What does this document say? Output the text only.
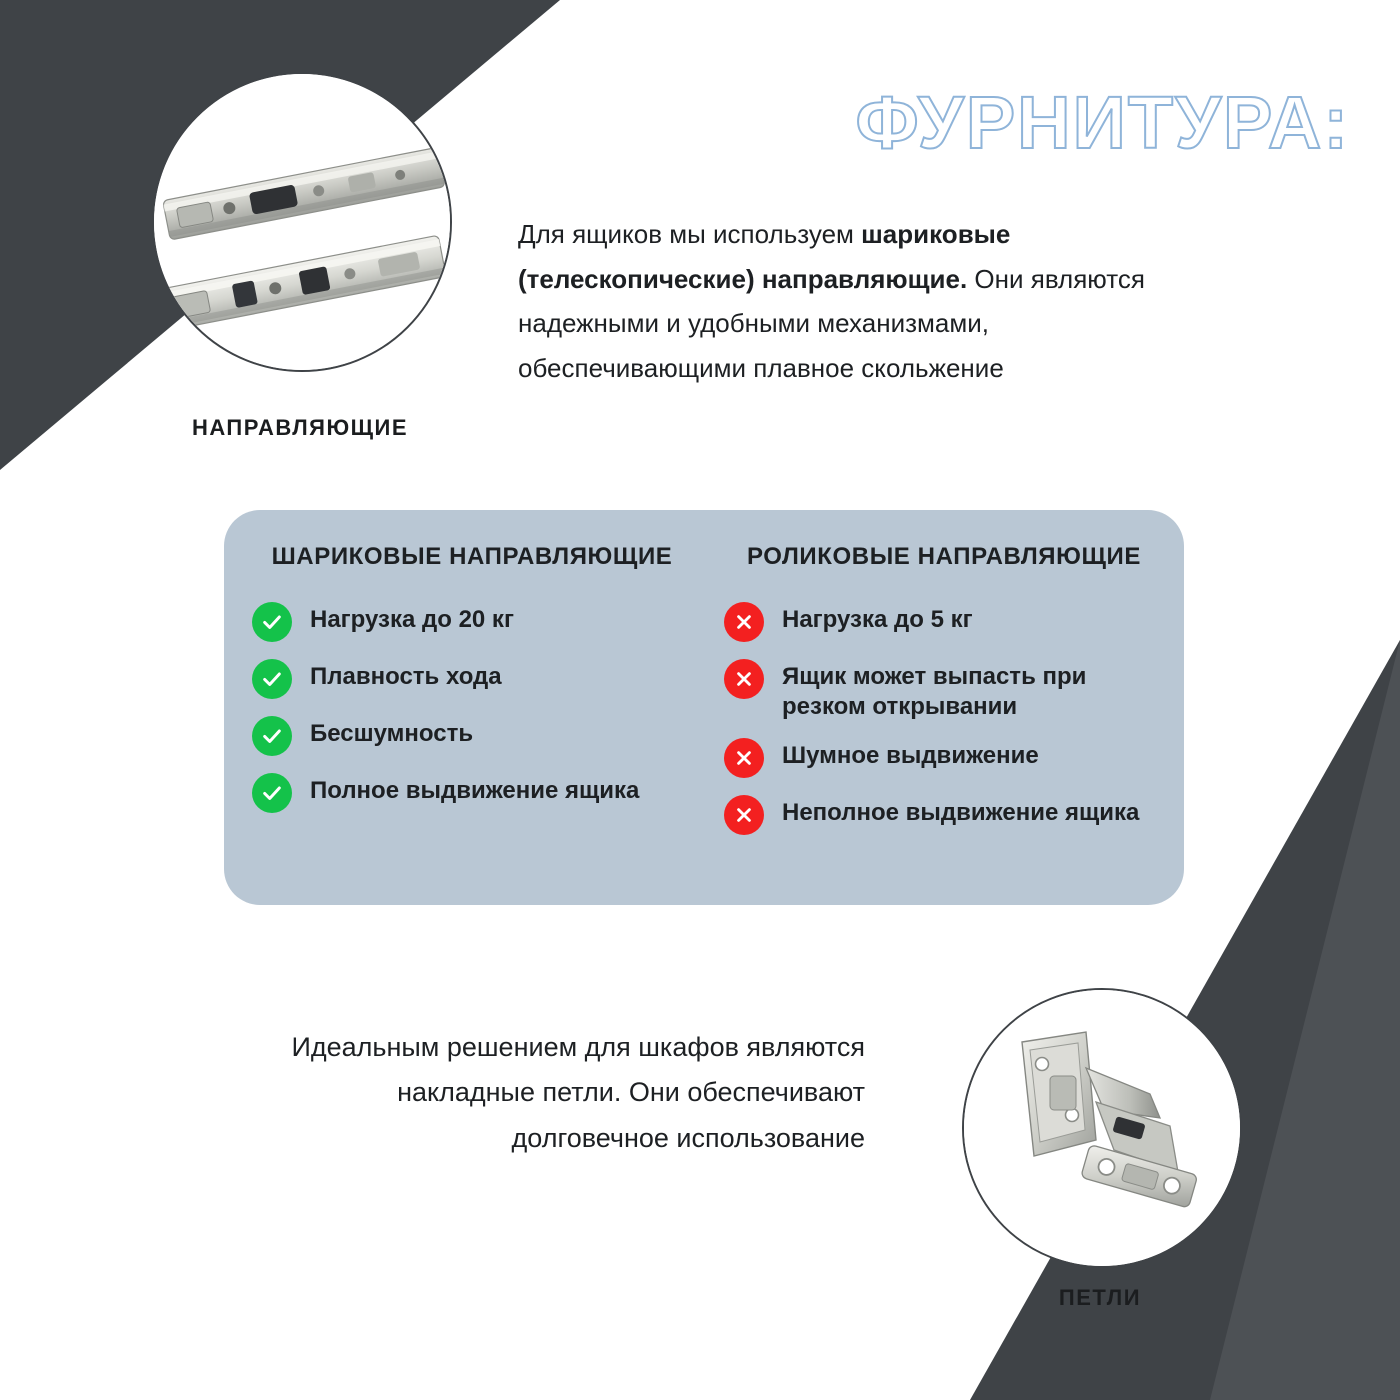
ФУРНИТУРА:
НАПРАВЛЯЮЩИЕ
Для ящиков мы используем шариковые (телескопические) направляющие. Они являются надежными и удобными механизмами, обеспечивающими плавное скольжение
ШАРИКОВЫЕ НАПРАВЛЯЮЩИЕ
Нагрузка до 20 кг
Плавность хода
Бесшумность
Полное выдвижение ящика
РОЛИКОВЫЕ НАПРАВЛЯЮЩИЕ
Нагрузка до 5 кг
Ящик может выпасть при резком открывании
Шумное выдвижение
Неполное выдвижение ящика
Идеальным решением для шкафов являются накладные петли. Они обеспечивают долговечное использование
ПЕТЛИ
